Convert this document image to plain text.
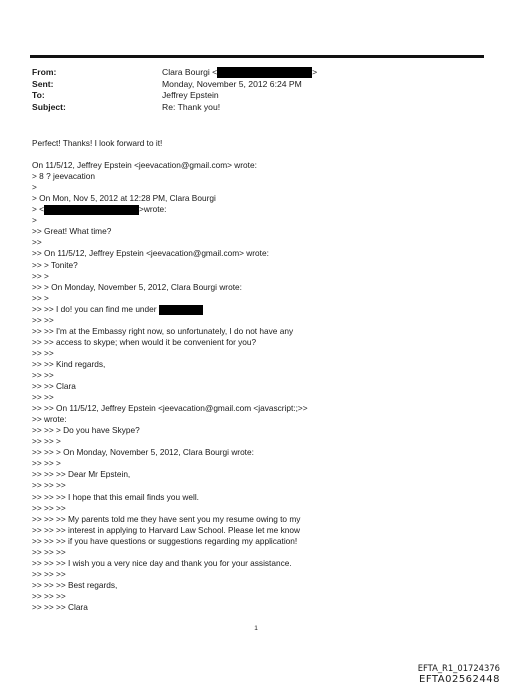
From:	Clara Bourgi <	>
Sent:	Monday, November 5, 2012 6:24 PM
To:	Jeffrey Epstein
Subject:	Re: Thank you!
Perfect! Thanks! I look forward to it!
On 11/5/12, Jeffrey Epstein <jeevacation@gmail.com> wrote:
> 8 ? jeevacation
>
> On Mon, Nov 5, 2012 at 12:28 PM, Clara Bourgi
> <	>wrote:
>
>> Great! What time?
>>
>> On 11/5/12, Jeffrey Epstein <jeevacation@gmail.com> wrote:
>> > Tonite?
>> >
>> > On Monday, November 5, 2012, Clara Bourgi wrote:
>> >
>> >> I do! you can find me under
>> >>
>> >> I'm at the Embassy right now, so unfortunately, I do not have any
>> >> access to skype; when would it be convenient for you?
>> >>
>> >> Kind regards,
>> >>
>> >> Clara
>> >>
>> >> On 11/5/12, Jeffrey Epstein <jeevacation@gmail.com <javascript:;>>
>> wrote:
>> >> > Do you have Skype?
>> >> >
>> >> > On Monday, November 5, 2012, Clara Bourgi wrote:
>> >> >
>> >> >> Dear Mr Epstein,
>> >> >>
>> >> >> I hope that this email finds you well.
>> >> >>
>> >> >> My parents told me they have sent you my resume owing to my
>> >> >> interest in applying to Harvard Law School. Please let me know
>> >> >> if you have questions or suggestions regarding my application!
>> >> >>
>> >> >> I wish you a very nice day and thank you for your assistance.
>> >> >>
>> >> >> Best regards,
>> >> >>
>> >> >> Clara
1
EFTA_R1_01724376
EFTA02562448
